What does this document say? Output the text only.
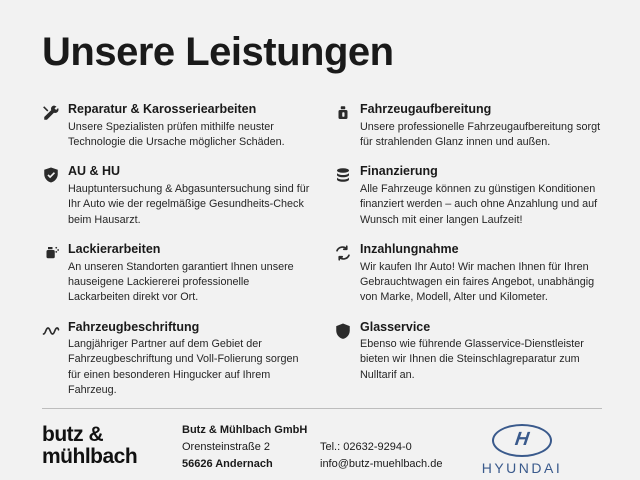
Unsere Leistungen
Reparatur & Karosseriearbeiten
Unsere Spezialisten prüfen mithilfe neuster Technologie die Ursache möglicher Schäden.
AU & HU
Hauptuntersuchung & Abgasuntersuchung sind für Ihr Auto wie der regelmäßige Gesundheits-Check beim Hausarzt.
Lackierarbeiten
An unseren Standorten garantiert Ihnen unsere hauseigene Lackiererei professionelle Lackarbeiten direkt vor Ort.
Fahrzeugbeschriftung
Langjähriger Partner auf dem Gebiet der Fahrzeugbeschriftung und Voll-Folierung sorgen für einen besonderen Hingucker auf Ihrem Fahrzeug.
Fahrzeugaufbereitung
Unsere professionelle Fahrzeugaufbereitung sorgt für strahlenden Glanz innen und außen.
Finanzierung
Alle Fahrzeuge können zu günstigen Konditionen finanziert werden – auch ohne Anzahlung und auf Wunsch mit einer langen Laufzeit!
Inzahlungnahme
Wir kaufen Ihr Auto! Wir machen Ihnen für Ihren Gebrauchtwagen ein faires Angebot, unabhängig von Marke, Modell, Alter und Kilometer.
Glasservice
Ebenso wie führende Glasservice-Dienstleister bieten wir Ihnen die Steinschlagreparatur zum Nulltarif an.
butz &
mühlbach
Butz & Mühlbach GmbH
Orensteinstraße 2
56626 Andernach
Tel.: 02632-9294-0
info@butz-muehlbach.de
H	HYUNDAI
